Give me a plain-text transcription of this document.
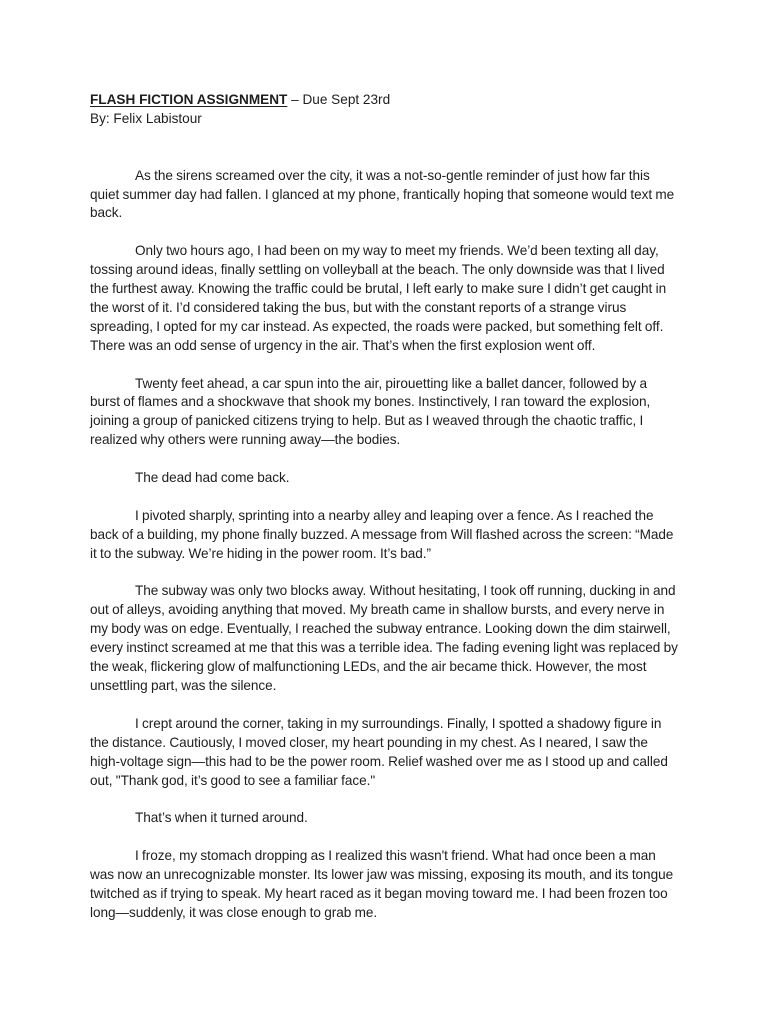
FLASH FICTION ASSIGNMENT – Due Sept 23rd

By: Felix Labistour

As the sirens screamed over the city, it was a not-so-gentle reminder of just how far this quiet summer day had fallen. I glanced at my phone, frantically hoping that someone would text me back.

Only two hours ago, I had been on my way to meet my friends. We’d been texting all day, tossing around ideas, finally settling on volleyball at the beach. The only downside was that I lived the furthest away. Knowing the traffic could be brutal, I left early to make sure I didn’t get caught in the worst of it. I’d considered taking the bus, but with the constant reports of a strange virus spreading, I opted for my car instead. As expected, the roads were packed, but something felt off. There was an odd sense of urgency in the air. That’s when the first explosion went off.

Twenty feet ahead, a car spun into the air, pirouetting like a ballet dancer, followed by a burst of flames and a shockwave that shook my bones. Instinctively, I ran toward the explosion, joining a group of panicked citizens trying to help. But as I weaved through the chaotic traffic, I realized why others were running away—the bodies.

The dead had come back.

I pivoted sharply, sprinting into a nearby alley and leaping over a fence. As I reached the back of a building, my phone finally buzzed. A message from Will flashed across the screen: “Made it to the subway. We’re hiding in the power room. It’s bad.”

The subway was only two blocks away. Without hesitating, I took off running, ducking in and out of alleys, avoiding anything that moved. My breath came in shallow bursts, and every nerve in my body was on edge. Eventually, I reached the subway entrance. Looking down the dim stairwell, every instinct screamed at me that this was a terrible idea. The fading evening light was replaced by the weak, flickering glow of malfunctioning LEDs, and the air became thick. However, the most unsettling part, was the silence.

I crept around the corner, taking in my surroundings. Finally, I spotted a shadowy figure in the distance. Cautiously, I moved closer, my heart pounding in my chest. As I neared, I saw the high-voltage sign—this had to be the power room. Relief washed over me as I stood up and called out, "Thank god, it’s good to see a familiar face."

That’s when it turned around.

I froze, my stomach dropping as I realized this wasn't friend. What had once been a man was now an unrecognizable monster. Its lower jaw was missing, exposing its mouth, and its tongue twitched as if trying to speak. My heart raced as it began moving toward me. I had been frozen too long—suddenly, it was close enough to grab me.
